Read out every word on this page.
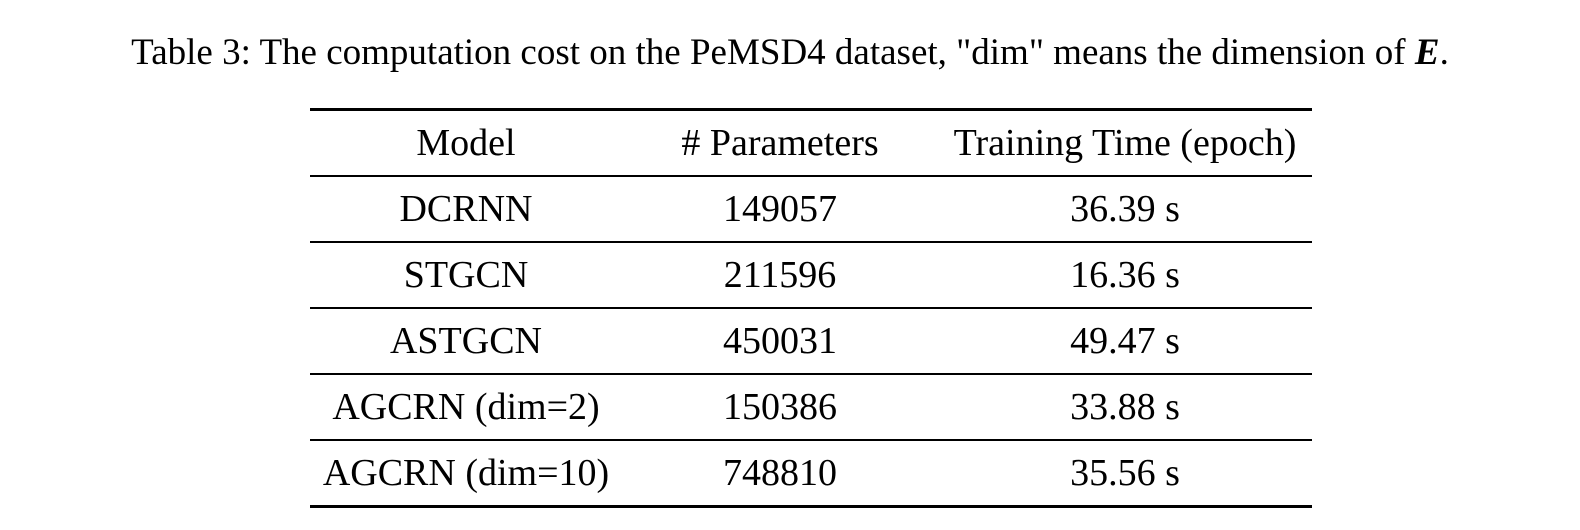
Table 3: The computation cost on the PeMSD4 dataset, "dim" means the dimension of E.
Model	# Parameters	Training Time (epoch)
DCRNN	149057	36.39 s
STGCN	211596	16.36 s
ASTGCN	450031	49.47 s
AGCRN (dim=2)	150386	33.88 s
AGCRN (dim=10)	748810	35.56 s
